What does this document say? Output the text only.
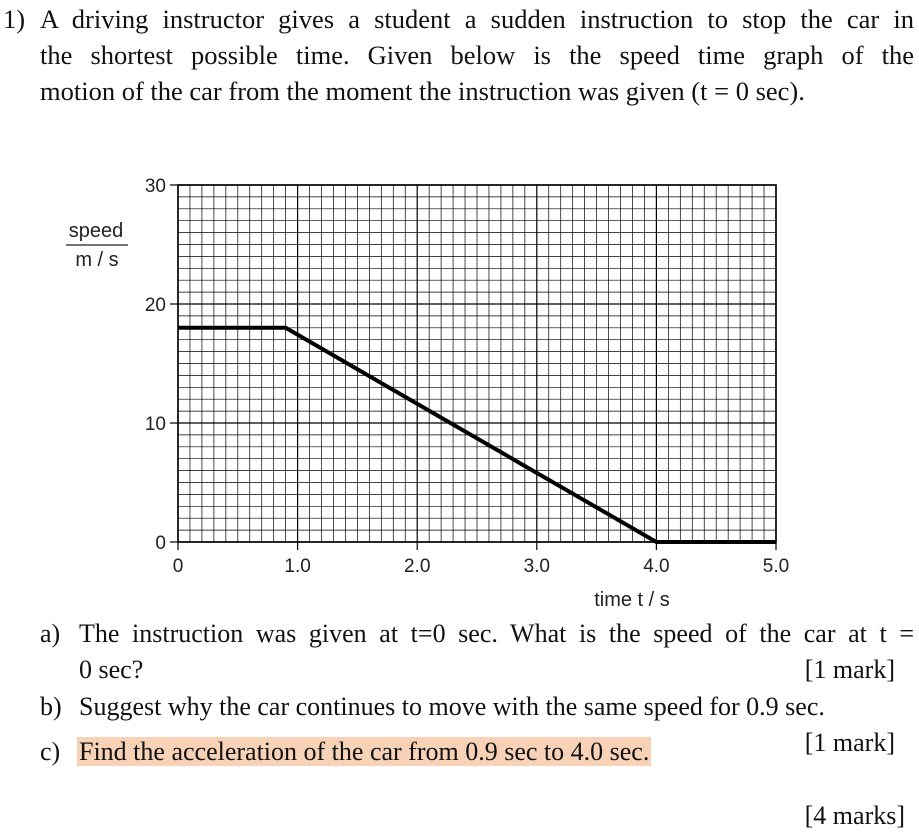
1) A driving instructor gives a student a sudden instruction to stop the car in
the shortest possible time. Given below is the speed time graph of the
motion of the car from the moment the instruction was given (t = 0 sec).
0
10
20
30
0	1.0	2.0	3.0	4.0	5.0
speed
m / s
time t / s
a) The instruction was given at t=0 sec. What is the speed of the car at t =
0 sec?	[1 mark]
b) Suggest why the car continues to move with the same speed for 0.9 sec.
[1 mark]
c) Find the acceleration of the car from 0.9 sec to 4.0 sec.
[4 marks]
